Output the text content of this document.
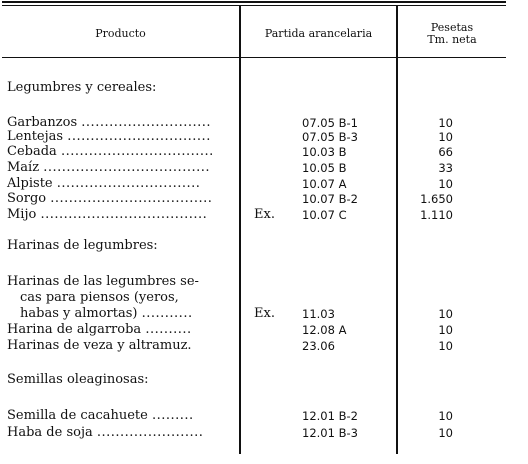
Producto	Partida arancelaria	Pesetas
Tm. neta
Legumbres y cereales:
Garbanzos ............................	07.05 B-1	10
Lentejas ...............................	07.05 B-3	10
Cebada .................................	10.03 B	66
Maíz ....................................	10.05 B	33
Alpiste ...............................	10.07 A	10
Sorgo ...................................	10.07 B-2	1.650
Mijo ....................................	Ex. 10.07 C	1.110
Harinas de legumbres:
Harinas de las legumbres se-
cas para piensos (yeros,
habas y almortas) ...........	Ex. 11.03	10
Harina de algarroba ..........	12.08 A	10
Harinas de veza y altramuz.	23.06	10
Semillas oleaginosas:
Semilla de cacahuete .........	12.01 B-2	10
Haba de soja .......................	12.01 B-3	10
